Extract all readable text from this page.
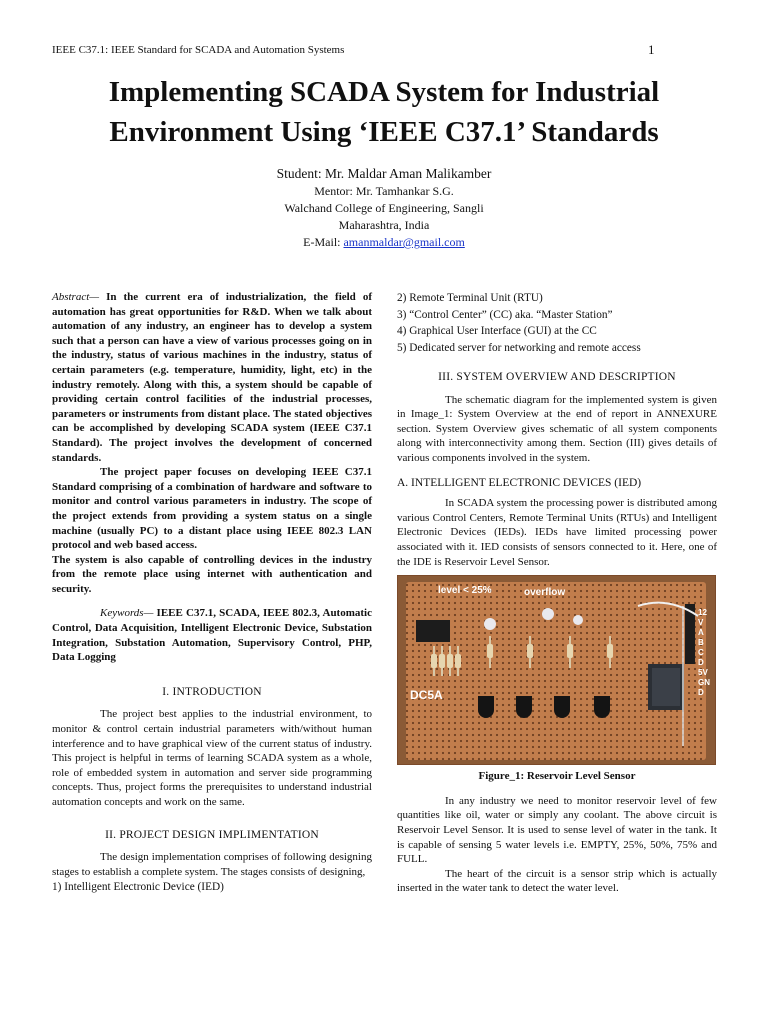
IEEE C37.1: IEEE Standard for SCADA and Automation Systems	1
Implementing SCADA System for Industrial
Environment Using ‘IEEE C37.1’ Standards
Student: Mr. Maldar Aman Malikamber
Mentor: Mr. Tamhankar S.G.
Walchand College of Engineering, Sangli
Maharashtra, India
E-Mail: amanmaldar@gmail.com

Abstract— In the current era of industrialization, the field of automation has great opportunities for R&D. When we talk about automation of any industry, an engineer has to develop a system such that a person can have a view of various processes going on in the industry, status of various machines in the industry, status of certain parameters (e.g. temperature, humidity, light, etc) in the industry remotely. Along with this, a system should be capable of providing certain control facilities of the industrial processes, parameters or instruments from distant place. The stated objectives can be accomplished by developing SCADA system (IEEE C37.1 Standard). The project involves the development of concerned standards.

The project paper focuses on developing IEEE C37.1 Standard comprising of a combination of hardware and software to monitor and control various parameters in industry. The scope of the project extends from providing a system status on a single machine (usually PC) to a distant place using IEEE 802.3 LAN protocol and web based access.

The system is also capable of controlling devices in the industry from the remote place using internet with authentication and security.

Keywords— IEEE C37.1, SCADA, IEEE 802.3, Automatic Control, Data Acquisition, Intelligent Electronic Device, Substation Integration, Substation Automation, Supervisory Control, PHP, Data Logging

I. INTRODUCTION

The project best applies to the industrial environment, to monitor & control certain industrial parameters with/without human interference and to have graphical view of the current status of industry. This project is helpful in terms of learning SCADA system as a whole, role of embedded system in automation and server side programming concepts. Thus, project forms the prerequisites to understand industrial automation concepts and work on the same.

II. PROJECT DESIGN IMPLIMENTATION

The design implementation comprises of following designing stages to establish a complete system. The stages consists of designing,

1) Intelligent Electronic Device (IED)

2) Remote Terminal Unit (RTU)

3) “Control Center” (CC) aka. “Master Station”

4) Graphical User Interface (GUI) at the CC

5) Dedicated server for networking and remote access

III. SYSTEM OVERVIEW AND DESCRIPTION

The schematic diagram for the implemented system is given in Image_1: System Overview at the end of report in ANNEXURE section. System Overview gives schematic of all system components along with interconnectivity among them. Section (III) gives details of various components involved in the system.

A. INTELLIGENT ELECTRONIC DEVICES (IED)

In SCADA system the processing power is distributed among various Control Centers, Remote Terminal Units (RTUs) and Intelligent Electronic Devices (IEDs). IEDs have limited processing power associated with it. IED consists of sensors connected to it. Here, one of the IDE is Reservoir Level Sensor.

level < 25%	overflow
DC5A
12V A B C D 5V GND
Figure_1: Reservoir Level Sensor

In any industry we need to monitor reservoir level of few quantities like oil, water or simply any coolant. The above circuit is Reservoir Level Sensor. It is used to sense level of water in the tank. It is capable of sensing 5 water levels i.e. EMPTY, 25%, 50%, 75% and FULL.

The heart of the circuit is a sensor strip which is actually inserted in the water tank to detect the water level.
